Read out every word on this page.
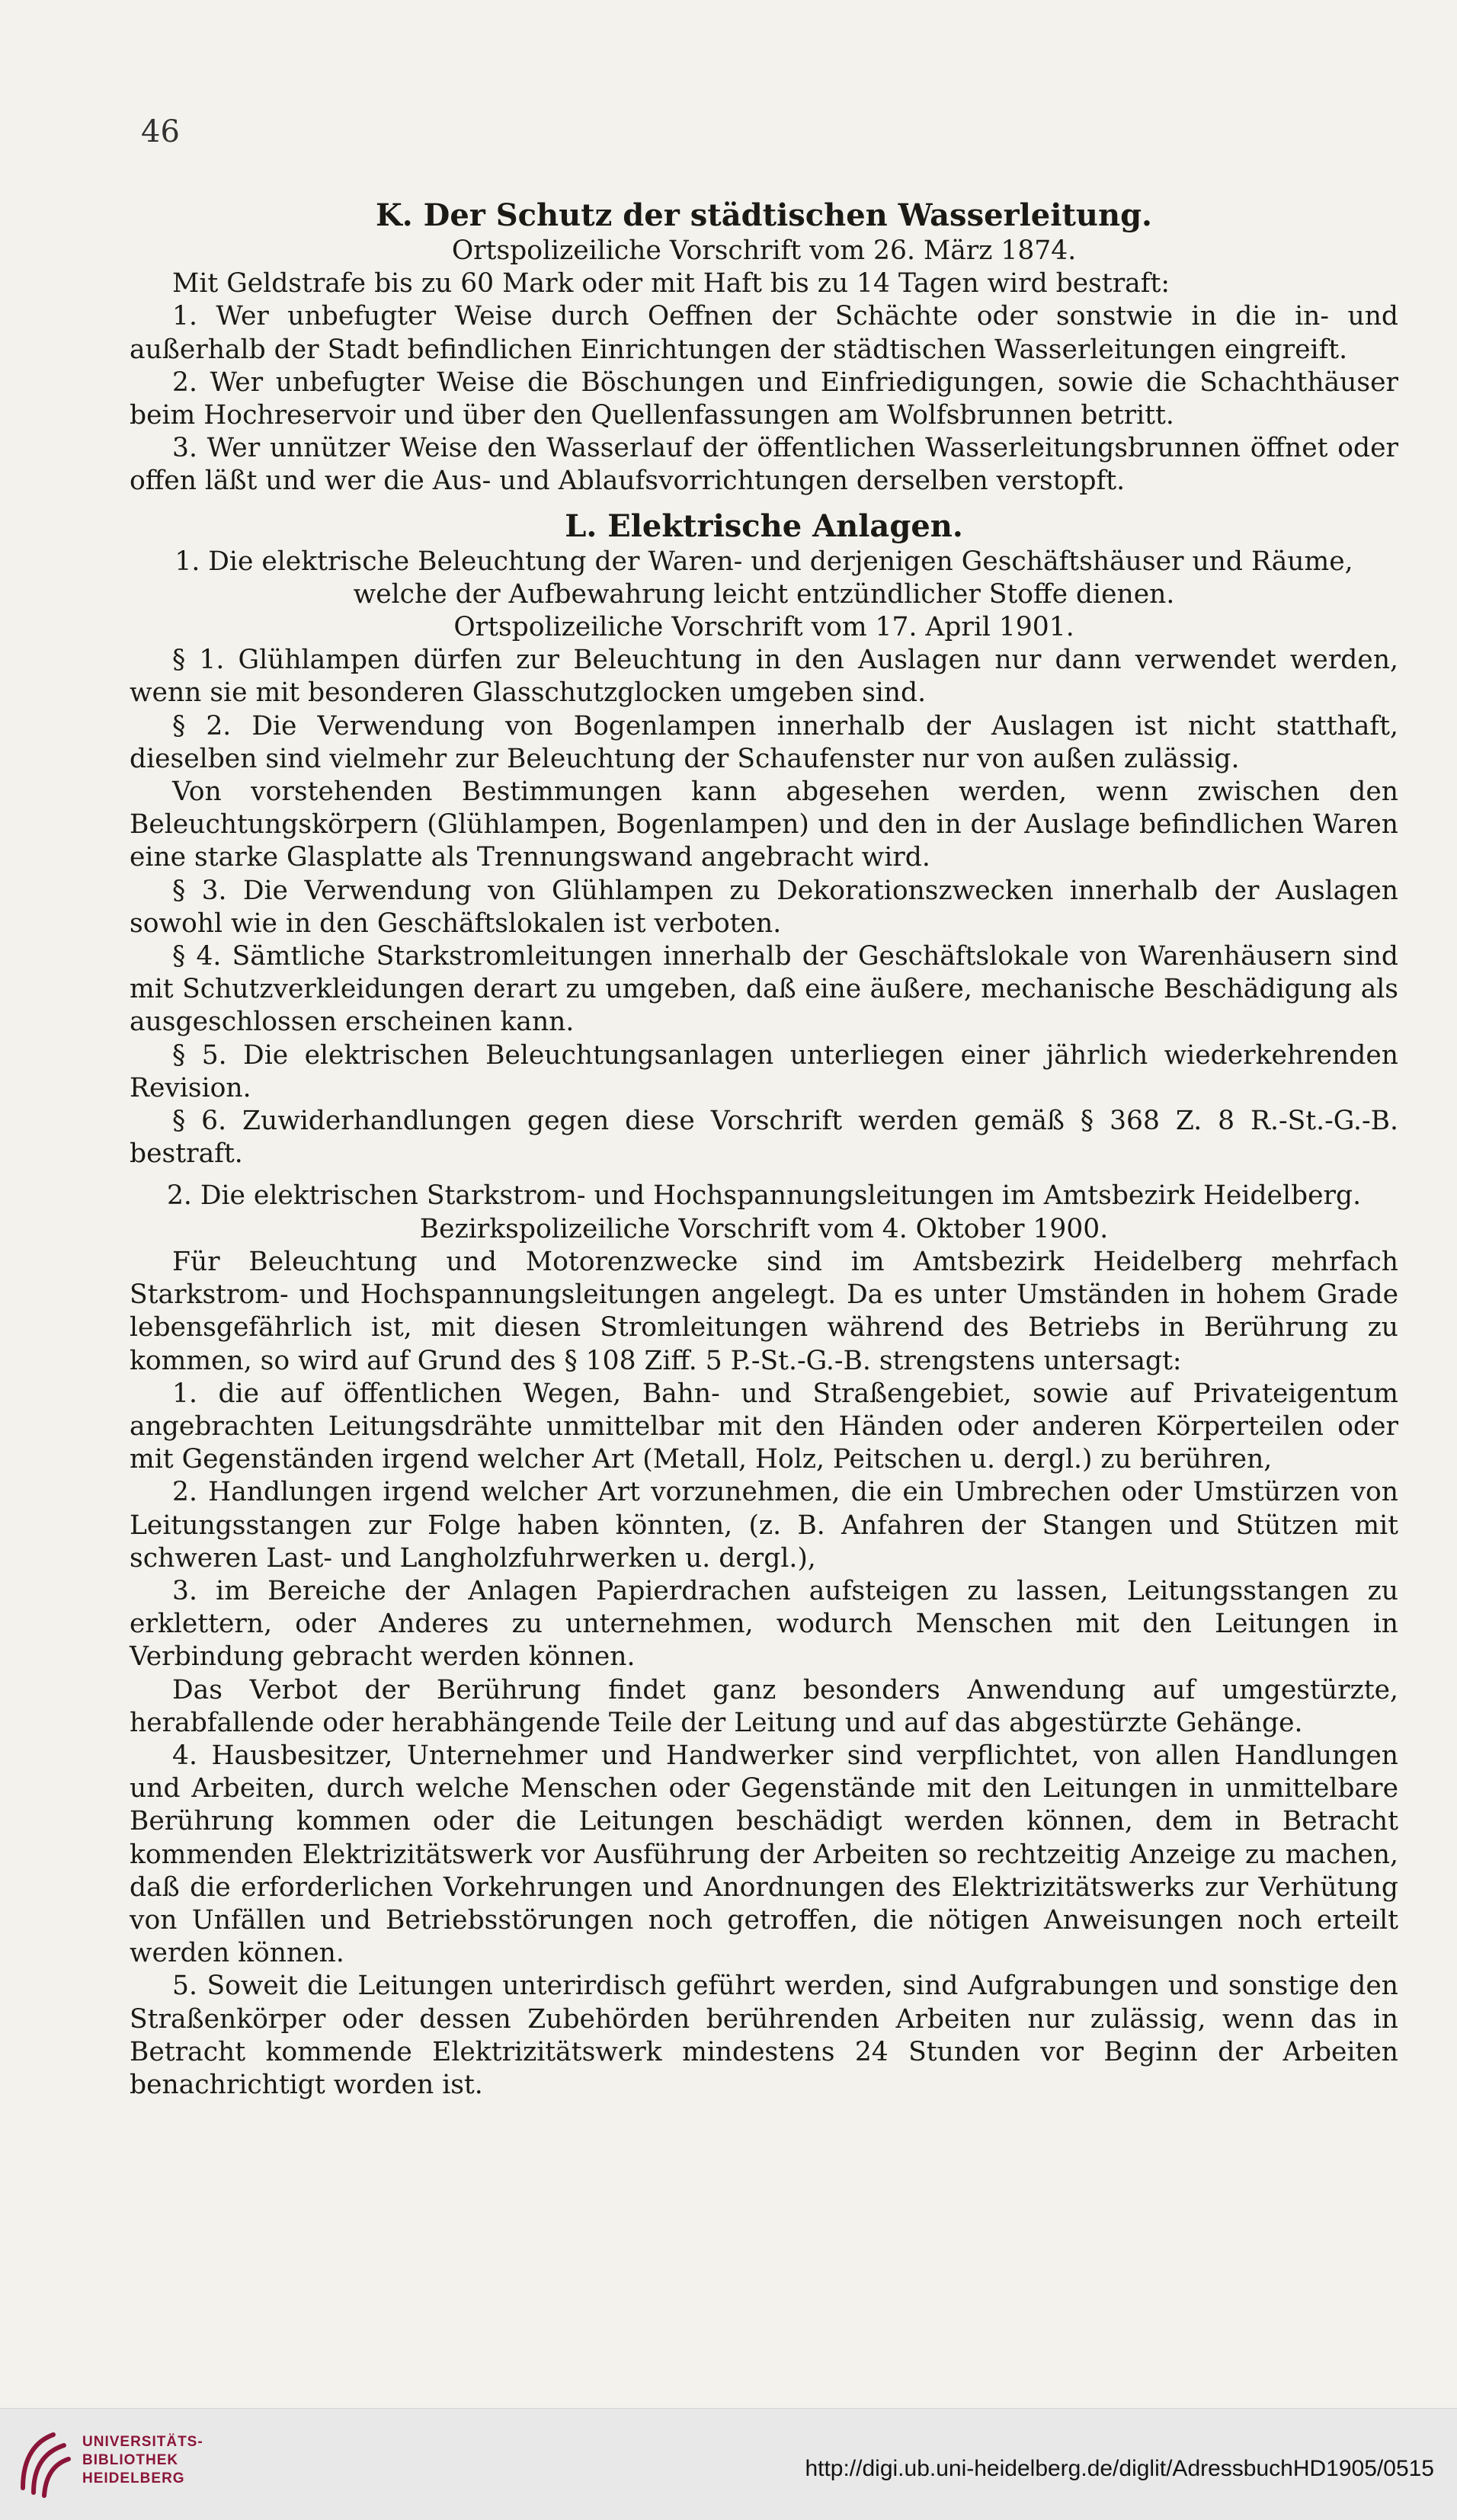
46

K. Der Schutz der städtischen Wasserleitung.

Ortspolizeiliche Vorschrift vom 26. März 1874.

Mit Geldstrafe bis zu 60 Mark oder mit Haft bis zu 14 Tagen wird bestraft:

1. Wer unbefugter Weise durch Oeffnen der Schächte oder sonstwie in die in- und außerhalb der Stadt befindlichen Einrichtungen der städtischen Wasserleitungen eingreift.

2. Wer unbefugter Weise die Böschungen und Einfriedigungen, sowie die Schachthäuser beim Hochreservoir und über den Quellenfassungen am Wolfsbrunnen betritt.

3. Wer unnützer Weise den Wasserlauf der öffentlichen Wasserleitungsbrunnen öffnet oder offen läßt und wer die Aus- und Ablaufsvorrichtungen derselben verstopft.

L. Elektrische Anlagen.

1. Die elektrische Beleuchtung der Waren- und derjenigen Geschäftshäuser und Räume,

welche der Aufbewahrung leicht entzündlicher Stoffe dienen.

Ortspolizeiliche Vorschrift vom 17. April 1901.

§ 1. Glühlampen dürfen zur Beleuchtung in den Auslagen nur dann verwendet werden, wenn sie mit besonderen Glasschutzglocken umgeben sind.

§ 2. Die Verwendung von Bogenlampen innerhalb der Auslagen ist nicht statthaft, dieselben sind vielmehr zur Beleuchtung der Schaufenster nur von außen zulässig.

Von vorstehenden Bestimmungen kann abgesehen werden, wenn zwischen den Beleuchtungskörpern (Glühlampen, Bogenlampen) und den in der Auslage befindlichen Waren eine starke Glasplatte als Trennungswand angebracht wird.

§ 3. Die Verwendung von Glühlampen zu Dekorationszwecken innerhalb der Auslagen sowohl wie in den Geschäftslokalen ist verboten.

§ 4. Sämtliche Starkstromleitungen innerhalb der Geschäftslokale von Warenhäusern sind mit Schutzverkleidungen derart zu umgeben, daß eine äußere, mechanische Beschädigung als ausgeschlossen erscheinen kann.

§ 5. Die elektrischen Beleuchtungsanlagen unterliegen einer jährlich wiederkehrenden Revision.

§ 6. Zuwiderhandlungen gegen diese Vorschrift werden gemäß § 368 Z. 8 R.-St.-G.-B. bestraft.

2. Die elektrischen Starkstrom- und Hochspannungsleitungen im Amtsbezirk Heidelberg.

Bezirkspolizeiliche Vorschrift vom 4. Oktober 1900.

Für Beleuchtung und Motorenzwecke sind im Amtsbezirk Heidelberg mehrfach Starkstrom- und Hochspannungsleitungen angelegt. Da es unter Umständen in hohem Grade lebensgefährlich ist, mit diesen Stromleitungen während des Betriebs in Berührung zu kommen, so wird auf Grund des § 108 Ziff. 5 P.-St.-G.-B. strengstens untersagt:

1. die auf öffentlichen Wegen, Bahn- und Straßengebiet, sowie auf Privateigentum angebrachten Leitungsdrähte unmittelbar mit den Händen oder anderen Körperteilen oder mit Gegenständen irgend welcher Art (Metall, Holz, Peitschen u. dergl.) zu berühren,

2. Handlungen irgend welcher Art vorzunehmen, die ein Umbrechen oder Umstürzen von Leitungsstangen zur Folge haben könnten, (z. B. Anfahren der Stangen und Stützen mit schweren Last- und Langholzfuhrwerken u. dergl.),

3. im Bereiche der Anlagen Papierdrachen aufsteigen zu lassen, Leitungsstangen zu erklettern, oder Anderes zu unternehmen, wodurch Menschen mit den Leitungen in Verbindung gebracht werden können.

Das Verbot der Berührung findet ganz besonders Anwendung auf umgestürzte, herabfallende oder herabhängende Teile der Leitung und auf das abgestürzte Gehänge.

4. Hausbesitzer, Unternehmer und Handwerker sind verpflichtet, von allen Handlungen und Arbeiten, durch welche Menschen oder Gegenstände mit den Leitungen in unmittelbare Berührung kommen oder die Leitungen beschädigt werden können, dem in Betracht kommenden Elektrizitätswerk vor Ausführung der Arbeiten so rechtzeitig Anzeige zu machen, daß die erforderlichen Vorkehrungen und Anordnungen des Elektrizitätswerks zur Verhütung von Unfällen und Betriebsstörungen noch getroffen, die nötigen Anweisungen noch erteilt werden können.

5. Soweit die Leitungen unterirdisch geführt werden, sind Aufgrabungen und sonstige den Straßenkörper oder dessen Zubehörden berührenden Arbeiten nur zulässig, wenn das in Betracht kommende Elektrizitätswerk mindestens 24 Stunden vor Beginn der Arbeiten benachrichtigt worden ist.

UNIVERSITÄTS-
BIBLIOTHEK
HEIDELBERG	http://digi.ub.uni-heidelberg.de/diglit/AdressbuchHD1905/0515
